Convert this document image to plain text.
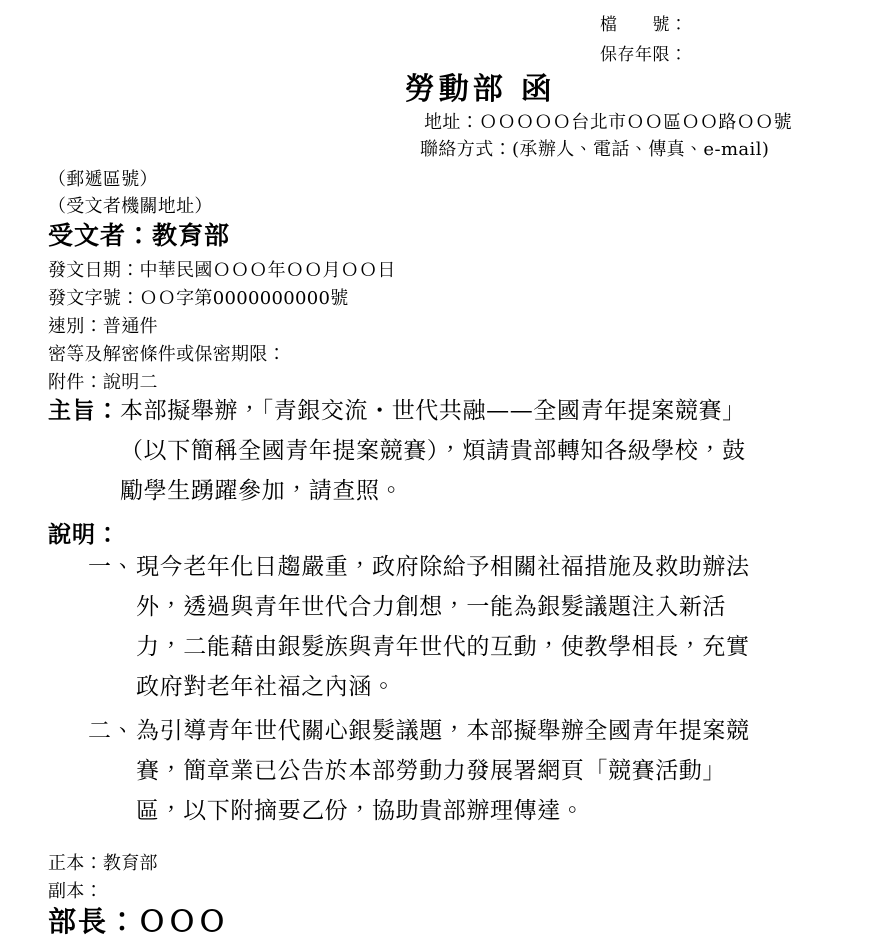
檔　　號：
保存年限：
勞動部 函
地址：ＯＯＯＯＯ台北市ＯＯ區ＯＯ路ＯＯ號
聯絡方式：(承辦人、電話、傳真、e-mail)
（郵遞區號）
（受文者機關地址）
受文者：教育部
發文日期：中華民國ＯＯＯ年ＯＯ月ＯＯ日
發文字號：ＯＯ字第0000000000號
速別：普通件
密等及解密條件或保密期限：
附件：說明二
主旨： 本部擬舉辦，「青銀交流・世代共融——全國青年提案競賽」
（以下簡稱全國青年提案競賽），煩請貴部轉知各級學校，鼓
勵學生踴躍參加，請查照。
說明：
一、 現今老年化日趨嚴重，政府除給予相關社福措施及救助辦法
外，透過與青年世代合力創想，一能為銀髮議題注入新活
力，二能藉由銀髮族與青年世代的互動，使教學相長，充實
政府對老年社福之內涵。
二、 為引導青年世代關心銀髮議題，本部擬舉辦全國青年提案競
賽，簡章業已公告於本部勞動力發展署網頁「競賽活動」
區，以下附摘要乙份，協助貴部辦理傳達。
正本：教育部
副本：
部長：ＯＯＯ
